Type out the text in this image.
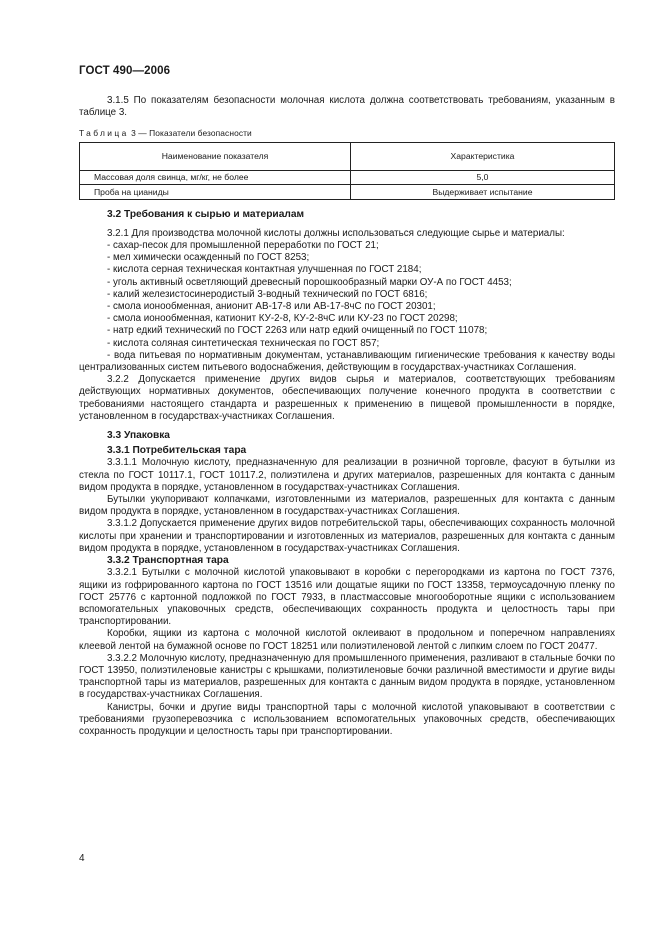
ГОСТ 490—2006

3.1.5 По показателям безопасности молочная кислота должна соответствовать требованиям, указанным в таблице 3.

Таблица 3 — Показатели безопасности
Наименование показателя	Характеристика
Массовая доля свинца, мг/кг, не более	5,0
Проба на цианиды	Выдерживает испытание

3.2 Требования к сырью и материалам

3.2.1 Для производства молочной кислоты должны использоваться следующие сырье и материалы:

- сахар-песок для промышленной переработки по ГОСТ 21;

- мел химически осажденный по ГОСТ 8253;

- кислота серная техническая контактная улучшенная по ГОСТ 2184;

- уголь активный осветляющий древесный порошкообразный марки ОУ-А по ГОСТ 4453;

- калий железистосинеродистый 3-водный технический по ГОСТ 6816;

- смола ионообменная, анионит АВ-17-8 или АВ-17-8чС по ГОСТ 20301;

- смола ионообменная, катионит КУ-2-8, КУ-2-8чС или КУ-23 по ГОСТ 20298;

- натр едкий технический по ГОСТ 2263 или натр едкий очищенный по ГОСТ 11078;

- кислота соляная синтетическая техническая по ГОСТ 857;

- вода питьевая по нормативным документам, устанавливающим гигиенические требования к качеству воды централизованных систем питьевого водоснабжения, действующим в государствах-участниках Соглашения.

3.2.2 Допускается применение других видов сырья и материалов, соответствующих требованиям действующих нормативных документов, обеспечивающих получение конечного продукта в соответствии с требованиями настоящего стандарта и разрешенных к применению в пищевой промышленности в порядке, установленном в государствах-участниках Соглашения.

3.3 Упаковка

3.3.1 Потребительская тара

3.3.1.1 Молочную кислоту, предназначенную для реализации в розничной торговле, фасуют в бутылки из стекла по ГОСТ 10117.1, ГОСТ 10117.2, полиэтилена и других материалов, разрешенных для контакта с данным видом продукта в порядке, установленном в государствах-участниках Соглашения.

Бутылки укупоривают колпачками, изготовленными из материалов, разрешенных для контакта с данным видом продукта в порядке, установленном в государствах-участниках Соглашения.

3.3.1.2 Допускается применение других видов потребительской тары, обеспечивающих сохранность молочной кислоты при хранении и транспортировании и изготовленных из материалов, разрешенных для контакта с данным видом продукта в порядке, установленном в государствах-участниках Соглашения.

3.3.2 Транспортная тара

3.3.2.1 Бутылки с молочной кислотой упаковывают в коробки с перегородками из картона по ГОСТ 7376, ящики из гофрированного картона по ГОСТ 13516 или дощатые ящики по ГОСТ 13358, термоусадочную пленку по ГОСТ 25776 с картонной подложкой по ГОСТ 7933, в пластмассовые многооборотные ящики с использованием вспомогательных упаковочных средств, обеспечивающих сохранность продукта и целостность тары при транспортировании.

Коробки, ящики из картона с молочной кислотой оклеивают в продольном и поперечном направлениях клеевой лентой на бумажной основе по ГОСТ 18251 или полиэтиленовой лентой с липким слоем по ГОСТ 20477.

3.3.2.2 Молочную кислоту, предназначенную для промышленного применения, разливают в стальные бочки по ГОСТ 13950, полиэтиленовые канистры с крышками, полиэтиленовые бочки различной вместимости и другие виды транспортной тары из материалов, разрешенных для контакта с данным видом продукта в порядке, установленном в государствах-участниках Соглашения.

Канистры, бочки и другие виды транспортной тары с молочной кислотой упаковывают в соответствии с требованиями грузоперевозчика с использованием вспомогательных упаковочных средств, обеспечивающих сохранность продукции и целостность тары при транспортировании.

4
